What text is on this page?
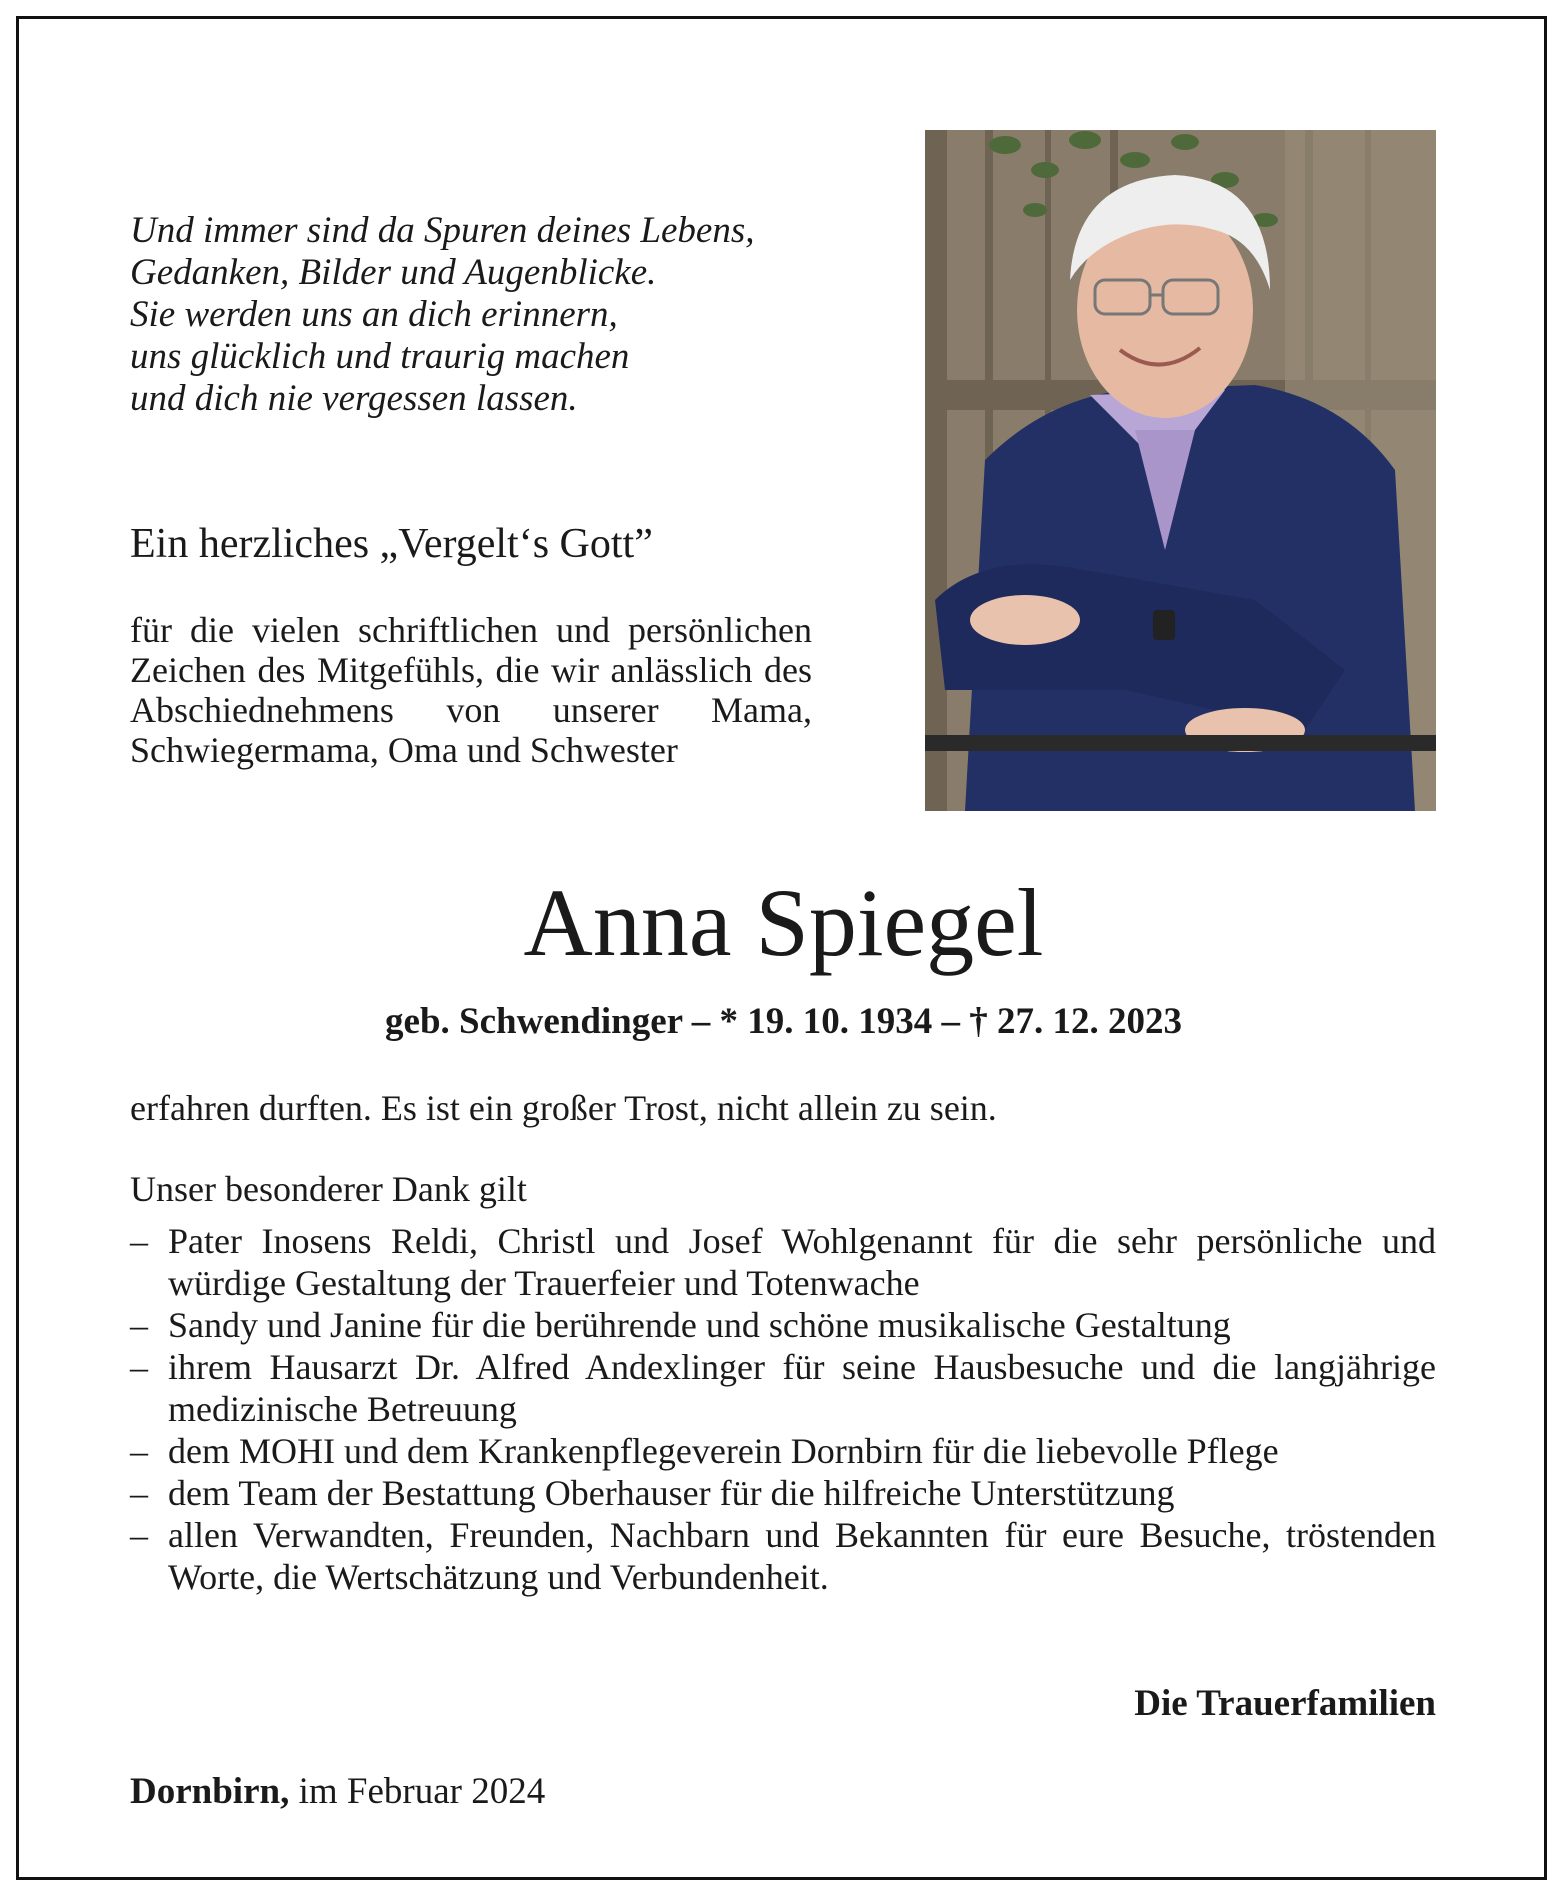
Und immer sind da Spuren deines Lebens,
Gedanken, Bilder und Augenblicke.
Sie werden uns an dich erinnern,
uns glücklich und traurig machen
und dich nie vergessen lassen.
Ein herzliches „Vergelt‘s Gott”
für die vielen schriftlichen und persönlichen Zeichen des Mitgefühls, die wir anlässlich des Abschiednehmens von unserer Mama, Schwiegermama, Oma und Schwester
Anna Spiegel
geb. Schwendinger – * 19. 10. 1934 – † 27. 12. 2023
erfahren durften. Es ist ein großer Trost, nicht allein zu sein.
Unser besonderer Dank gilt
– Pater Inosens Reldi, Christl und Josef Wohlgenannt für die sehr persönliche und würdige Gestaltung der Trauerfeier und Totenwache
– Sandy und Janine für die berührende und schöne musikalische Gestaltung
– ihrem Hausarzt Dr. Alfred Andexlinger für seine Hausbesuche und die langjährige medizinische Betreuung
– dem MOHI und dem Krankenpflegeverein Dornbirn für die liebevolle Pflege
– dem Team der Bestattung Oberhauser für die hilfreiche Unterstützung
– allen Verwandten, Freunden, Nachbarn und Bekannten für eure Besuche, tröstenden Worte, die Wertschätzung und Verbundenheit.
Die Trauerfamilien
Dornbirn, im Februar 2024
